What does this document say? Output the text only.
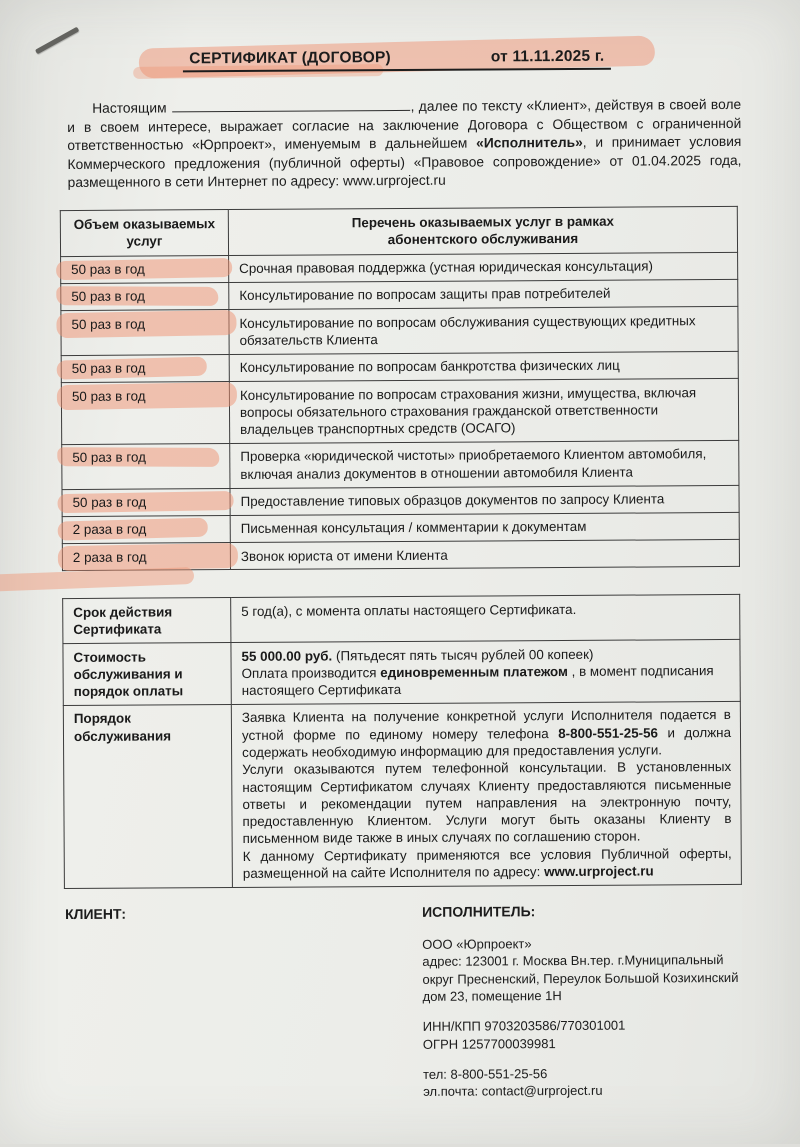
СЕРТИФИКАТ (ДОГОВОР)	от 11.11.2025 г.

Настоящим	, далее по тексту «Клиент», действуя в своей воле и в своем интересе, выражает согласие на заключение Договора с Обществом с ограниченной ответственностью «Юрпроект», именуемым в дальнейшем «Исполнитель», и принимает условия Коммерческого предложения (публичной оферты) «Правовое сопровождение» от 01.04.2025 года, размещенного в сети Интернет по адресу: www.urproject.ru

Объем оказываемых услуг	Перечень оказываемых услуг в рамках абонентского обслуживания

50 раз в год	Срочная правовая поддержка (устная юридическая консультация)

50 раз в год	Консультирование по вопросам защиты прав потребителей

50 раз в год	Консультирование по вопросам обслуживания существующих кредитных обязательств Клиента

50 раз в год	Консультирование по вопросам банкротства физических лиц

50 раз в год	Консультирование по вопросам страхования жизни, имущества, включая вопросы обязательного страхования гражданской ответственности владельцев транспортных средств (ОСАГО)

50 раз в год	Проверка «юридической чистоты» приобретаемого Клиентом автомобиля, включая анализ документов в отношении автомобиля Клиента

50 раз в год	Предоставление типовых образцов документов по запросу Клиента

2 раза в год	Письменная консультация / комментарии к документам

2 раза в год	Звонок юриста от имени Клиента
Срок действия Сертификата	5 год(а), с момента оплаты настоящего Сертификата.
Стоимость обслуживания и порядок оплаты	55 000.00 руб. (Пятьдесят пять тысяч рублей 00 копеек)
Оплата производится единовременным платежом , в момент подписания настоящего Сертификата
Порядок обслуживания	Заявка Клиента на получение конкретной услуги Исполнителя подается в устной форме по единому номеру телефона 8-800-551-25-56 и должна содержать необходимую информацию для предоставления услуги.

Услуги оказываются путем телефонной консультации. В установленных настоящим Сертификатом случаях Клиенту предоставляются письменные ответы и рекомендации путем направления на электронную почту, предоставленную Клиентом. Услуги могут быть оказаны Клиенту в письменном виде также в иных случаях по соглашению сторон.

К данному Сертификату применяются все условия Публичной оферты, размещенной на сайте Исполнителя по адресу: www.urproject.ru

КЛИЕНТ:	ИСПОЛНИТЕЛЬ:
ООО «Юрпроект»
адрес: 123001 г. Москва Вн.тер. г.Муниципальный
округ Пресненский, Переулок Большой Козихинский
дом 23, помещение 1Н
ИНН/КПП 9703203586/770301001
ОГРН 1257700039981
тел: 8-800-551-25-56
эл.почта: contact@urproject.ru
